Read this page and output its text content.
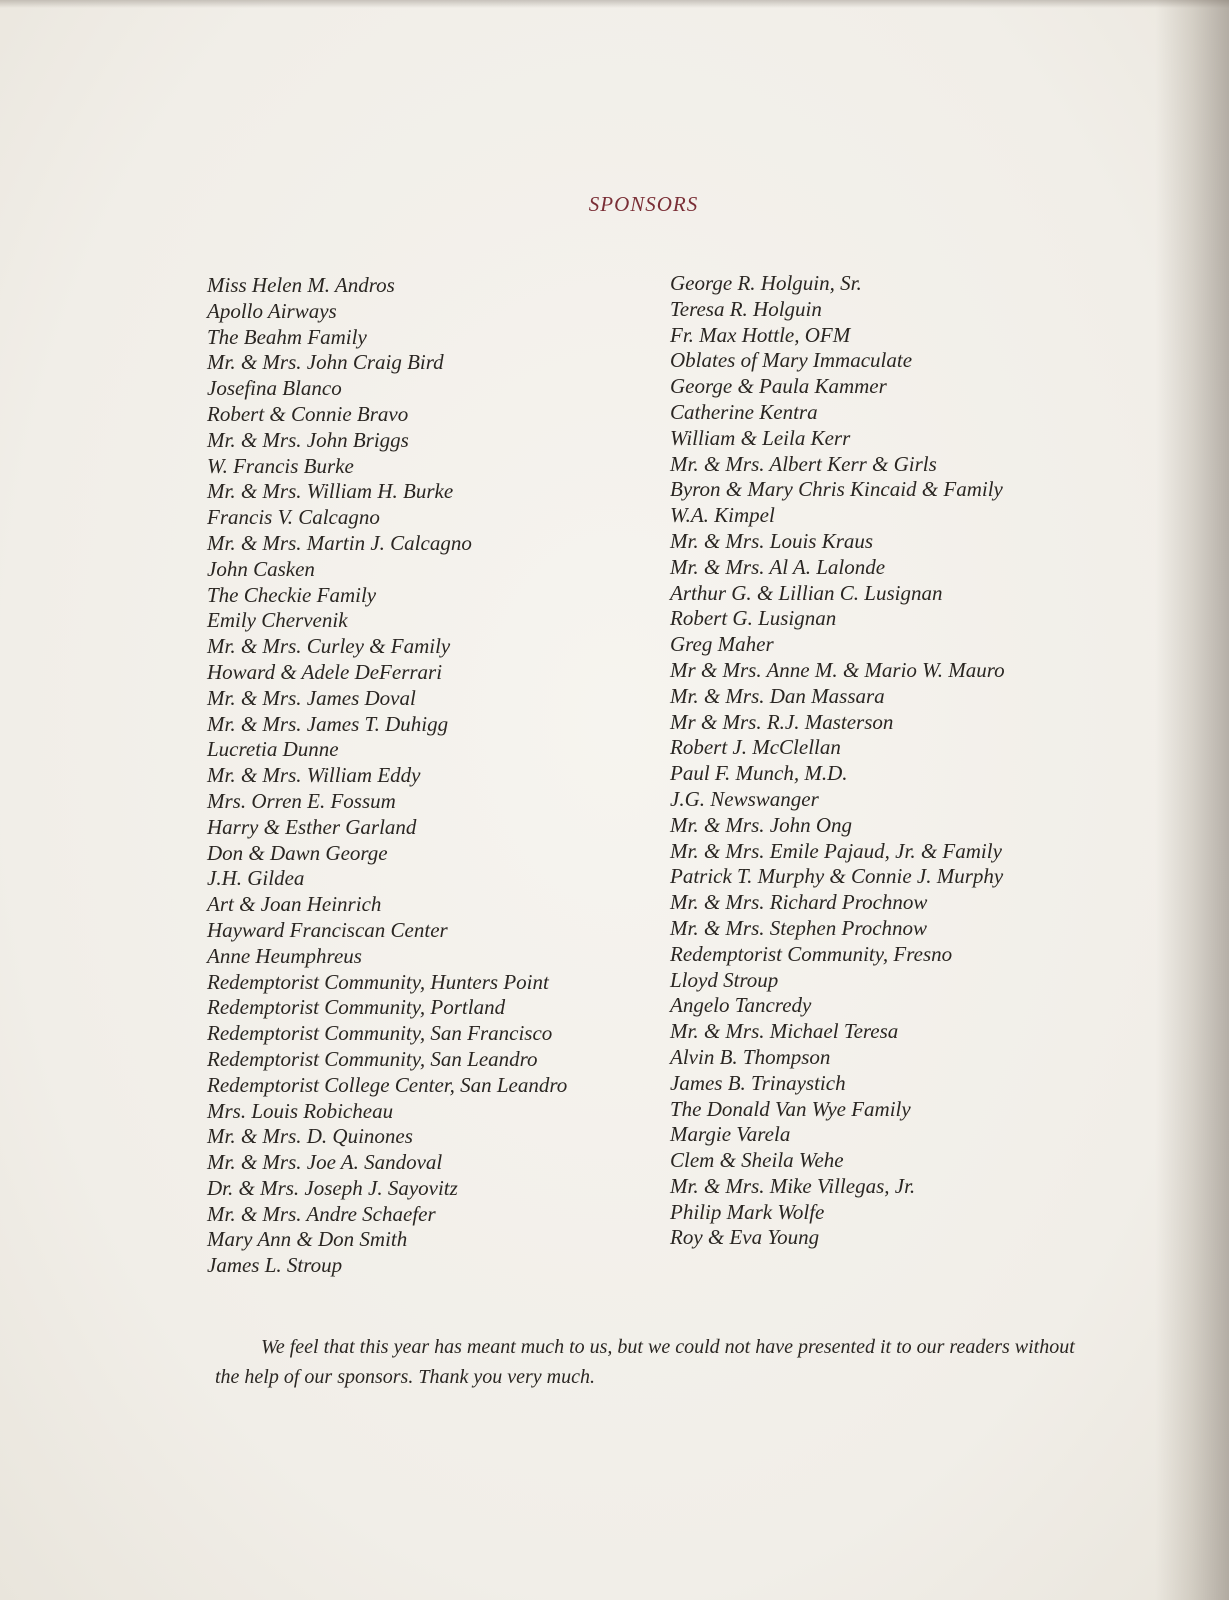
SPONSORS
Miss Helen M. Andros
Apollo Airways
The Beahm Family
Mr. & Mrs. John Craig Bird
Josefina Blanco
Robert & Connie Bravo
Mr. & Mrs. John Briggs
W. Francis Burke
Mr. & Mrs. William H. Burke
Francis V. Calcagno
Mr. & Mrs. Martin J. Calcagno
John Casken
The Checkie Family
Emily Chervenik
Mr. & Mrs. Curley & Family
Howard & Adele DeFerrari
Mr. & Mrs. James Doval
Mr. & Mrs. James T. Duhigg
Lucretia Dunne
Mr. & Mrs. William Eddy
Mrs. Orren E. Fossum
Harry & Esther Garland
Don & Dawn George
J.H. Gildea
Art & Joan Heinrich
Hayward Franciscan Center
Anne Heumphreus
Redemptorist Community, Hunters Point
Redemptorist Community, Portland
Redemptorist Community, San Francisco
Redemptorist Community, San Leandro
Redemptorist College Center, San Leandro
Mrs. Louis Robicheau
Mr. & Mrs. D. Quinones
Mr. & Mrs. Joe A. Sandoval
Dr. & Mrs. Joseph J. Sayovitz
Mr. & Mrs. Andre Schaefer
Mary Ann & Don Smith
James L. Stroup
George R. Holguin, Sr.
Teresa R. Holguin
Fr. Max Hottle, OFM
Oblates of Mary Immaculate
George & Paula Kammer
Catherine Kentra
William & Leila Kerr
Mr. & Mrs. Albert Kerr & Girls
Byron & Mary Chris Kincaid & Family
W.A. Kimpel
Mr. & Mrs. Louis Kraus
Mr. & Mrs. Al A. Lalonde
Arthur G. & Lillian C. Lusignan
Robert G. Lusignan
Greg Maher
Mr & Mrs. Anne M. & Mario W. Mauro
Mr. & Mrs. Dan Massara
Mr & Mrs. R.J. Masterson
Robert J. McClellan
Paul F. Munch, M.D.
J.G. Newswanger
Mr. & Mrs. John Ong
Mr. & Mrs. Emile Pajaud, Jr. & Family
Patrick T. Murphy & Connie J. Murphy
Mr. & Mrs. Richard Prochnow
Mr. & Mrs. Stephen Prochnow
Redemptorist Community, Fresno
Lloyd Stroup
Angelo Tancredy
Mr. & Mrs. Michael Teresa
Alvin B. Thompson
James B. Trinaystich
The Donald Van Wye Family
Margie Varela
Clem & Sheila Wehe
Mr. & Mrs. Mike Villegas, Jr.
Philip Mark Wolfe
Roy & Eva Young

We feel that this year has meant much to us, but we could not have presented it to our readers without the help of our sponsors. Thank you very much.
